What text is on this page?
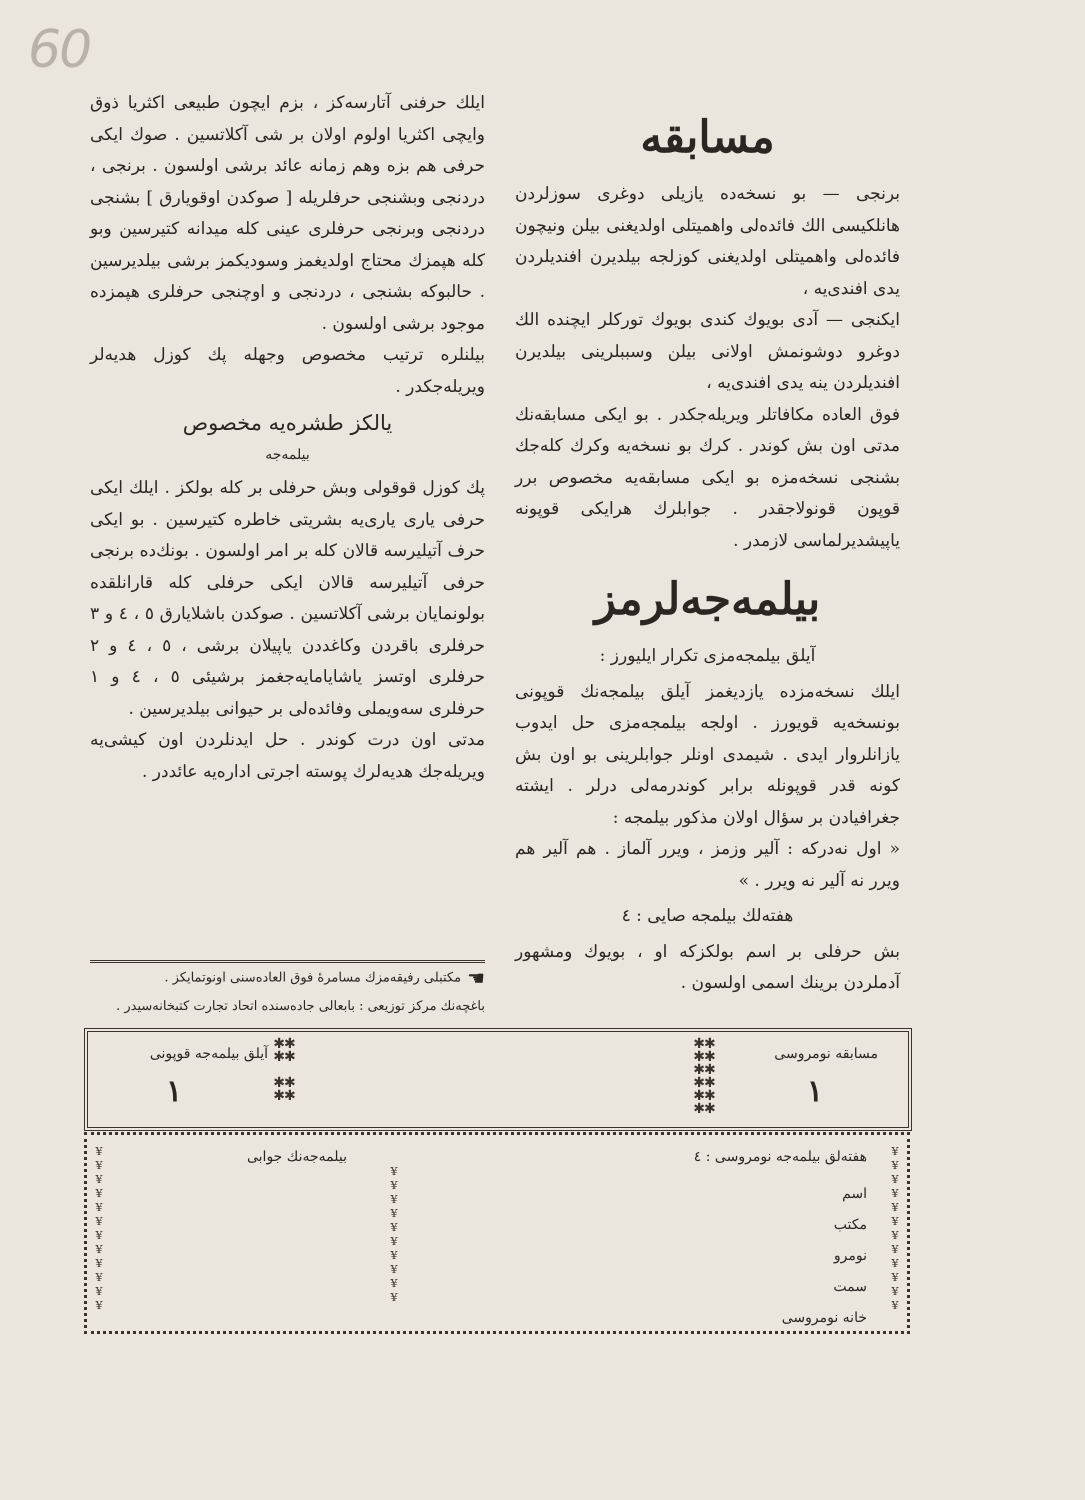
60
مسابقه

برنجی — بو نسخه‌ده یازیلی دوغری سوزلردن هانلکیسی الك فائده‌لی واهمیتلی اولدیغنی بیلن ونیچون فائده‌لی واهمیتلی اولدیغنی کوزلجه بیلدیرن افندیلردن یدی افندی‌یه ،

ایکنجی — آدی بویوك کندی بویوك تورکلر ایچنده الك دوغرو دوشونمش اولانی بیلن وسببلرینی بیلدیرن افندیلردن ینه یدی افندی‌یه ،

فوق العاده مکافاتلر ویریله‌جکدر . بو ایکی مسابقه‌نك مدتی اون بش کوندر . کرك بو نسخه‌یه وکرك کله‌جك بشنجی نسخه‌مزه بو ایکی مسابقه‌یه مخصوص برر قوپون قونولاجقدر . جوابلرك هرایکی قوپونه یاپیشدیرلماسی لازمدر .

بیلمه‌جه‌لرمز

آیلق بیلمجه‌مزی تکرار ایلیورز :

ایلك نسخه‌مزده یازدیغمز آیلق بیلمجه‌نك قوپونی بونسخه‌یه قویورز . اولجه بیلمجه‌مزی حل ایدوب یازانلروار ایدی . شیمدی اونلر جوابلرینی بو اون بش کونه قدر قوپونله برابر کوندرمه‌لی درلر . ایشته جغرافیادن بر سؤال اولان مذکور بیلمجه :

« اول نه‌درکه : آلیر وزمز ، ویرر آلماز . هم آلیر هم ویرر نه آلیر نه ویرر . »

هفته‌لك بیلمجه صایی : ٤

بش حرفلی بر اسم بولکزکه او ، بویوك ومشهور آدملردن برینك اسمی اولسون .

ایلك حرفنی آتارسه‌کز ، بزم ایچون طبیعی اکثریا ذوق وایچی اکثریا اولوم اولان بر شی آکلاتسین . صوك ایکی حرفی هم بزه وهم زمانه عائد برشی اولسون . برنجی ، دردنجی وبشنجی حرفلریله [ صوکدن اوقویارق ] بشنجی دردنجی وبرنجی حرفلری عینی کله میدانه کتیرسین وبو کله هپمزك محتاج اولدیغمز وسودیکمز برشی بیلدیرسین . حالبوکه بشنجی ، دردنجی و اوچنجی حرفلری هپمزده موجود برشی اولسون .

بیلنلره ترتیب مخصوص وجهله پك کوزل هدیه‌لر ویریله‌جکدر .

یالکز طشره‌یه مخصوص
بیلمه‌جه

پك کوزل قوقولی وبش حرفلی بر کله بولکز . ایلك ایکی حرفی یاری یاری‌یه بشریتی خاطره کتیرسین . بو ایکی حرف آتیلیرسه قالان کله بر امر اولسون . بونك‌ده برنجی حرفی آتیلیرسه قالان ایکی حرفلی کله قارانلقده بولونمایان برشی آکلاتسین . صوکدن باشلایارق ٥ ، ٤ و ٣ حرفلری باقردن وکاغددن یاپیلان برشی ، ٥ ، ٤ و ٢ حرفلری اوتسز یاشایامایه‌جغمز برشیئی ٥ ، ٤ و ١ حرفلری سه‌ویملی وفائده‌لی بر حیوانی بیلدیرسین .

مدتی اون درت کوندر . حل ایدنلردن اون کیشی‌یه ویریله‌جك هدیه‌لرك پوسته اجرتی اداره‌یه عائددر .

☚مکتبلی رفیقه‌مزك مسامره‌ٔ فوق العاده‌سنی اونوتمایکز .
باغچه‌نك مرکز توزیعی : بابعالی جاده‌سنده اتحاد تجارت کتبخانه‌سیدر .
مسابقه نومروسی
١
✱✱
✱✱
✱✱
✱✱
✱✱
✱✱
✱✱
✱✱

✱✱
✱✱
آیلق بیلمه‌جه قوپونی
١
¥
¥
¥
¥
¥
¥
¥
¥
¥
¥
¥
¥
¥
¥
¥
¥
¥
¥
¥
¥
¥
¥
¥
¥
¥
¥
¥
¥
¥
¥
¥
¥
¥
¥
هفته‌لق بیلمه‌جه نومروسی : ٤
بیلمه‌جه‌نك جوابی
اسم
مکتب
نومرو
سمت
خانه نومروسی
